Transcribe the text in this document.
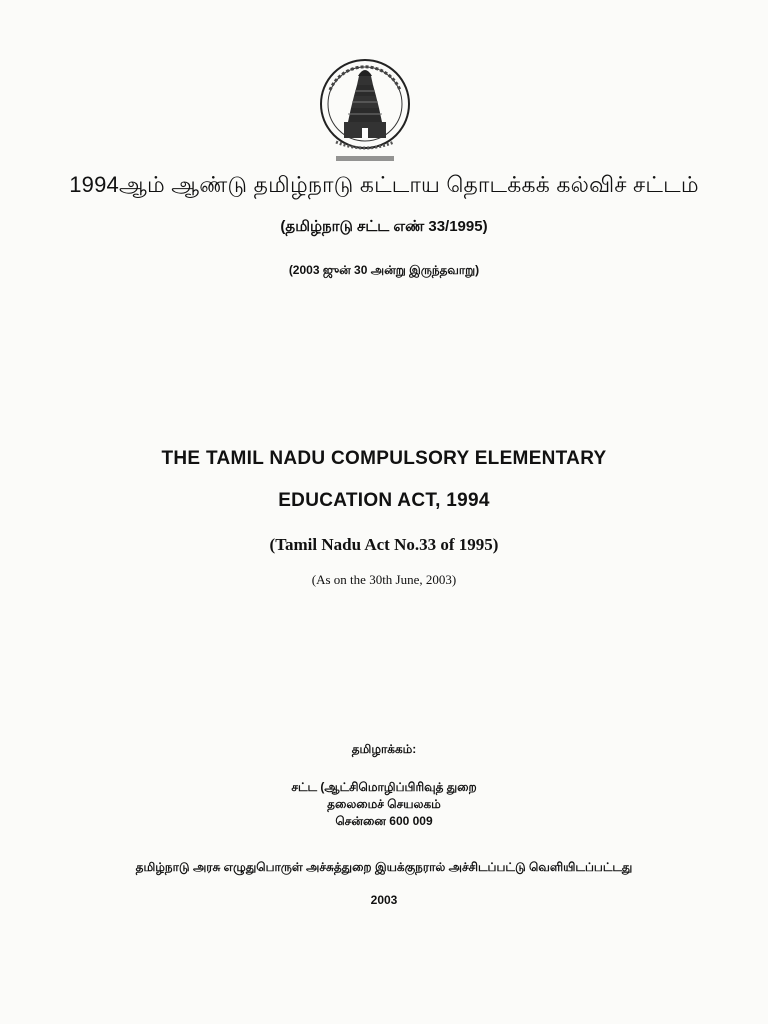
1994ஆம் ஆண்டு தமிழ்நாடு கட்டாய தொடக்கக் கல்விச் சட்டம்
(தமிழ்நாடு சட்ட எண் 33/1995)
(2003 ஜுன் 30 அன்று இருந்தவாறு)
THE TAMIL NADU COMPULSORY ELEMENTARY
EDUCATION ACT, 1994
(Tamil Nadu Act No.33 of 1995)
(As on the 30th June, 2003)
தமிழாக்கம்:
சட்ட (ஆட்சிமொழிப்பிரிவுத் துறை
தலைமைச் செயலகம்
சென்னை 600 009
தமிழ்நாடு அரசு எழுதுபொருள் அச்சுத்துறை இயக்குநரால் அச்சிடப்பட்டு வெளியிடப்பட்டது
2003
